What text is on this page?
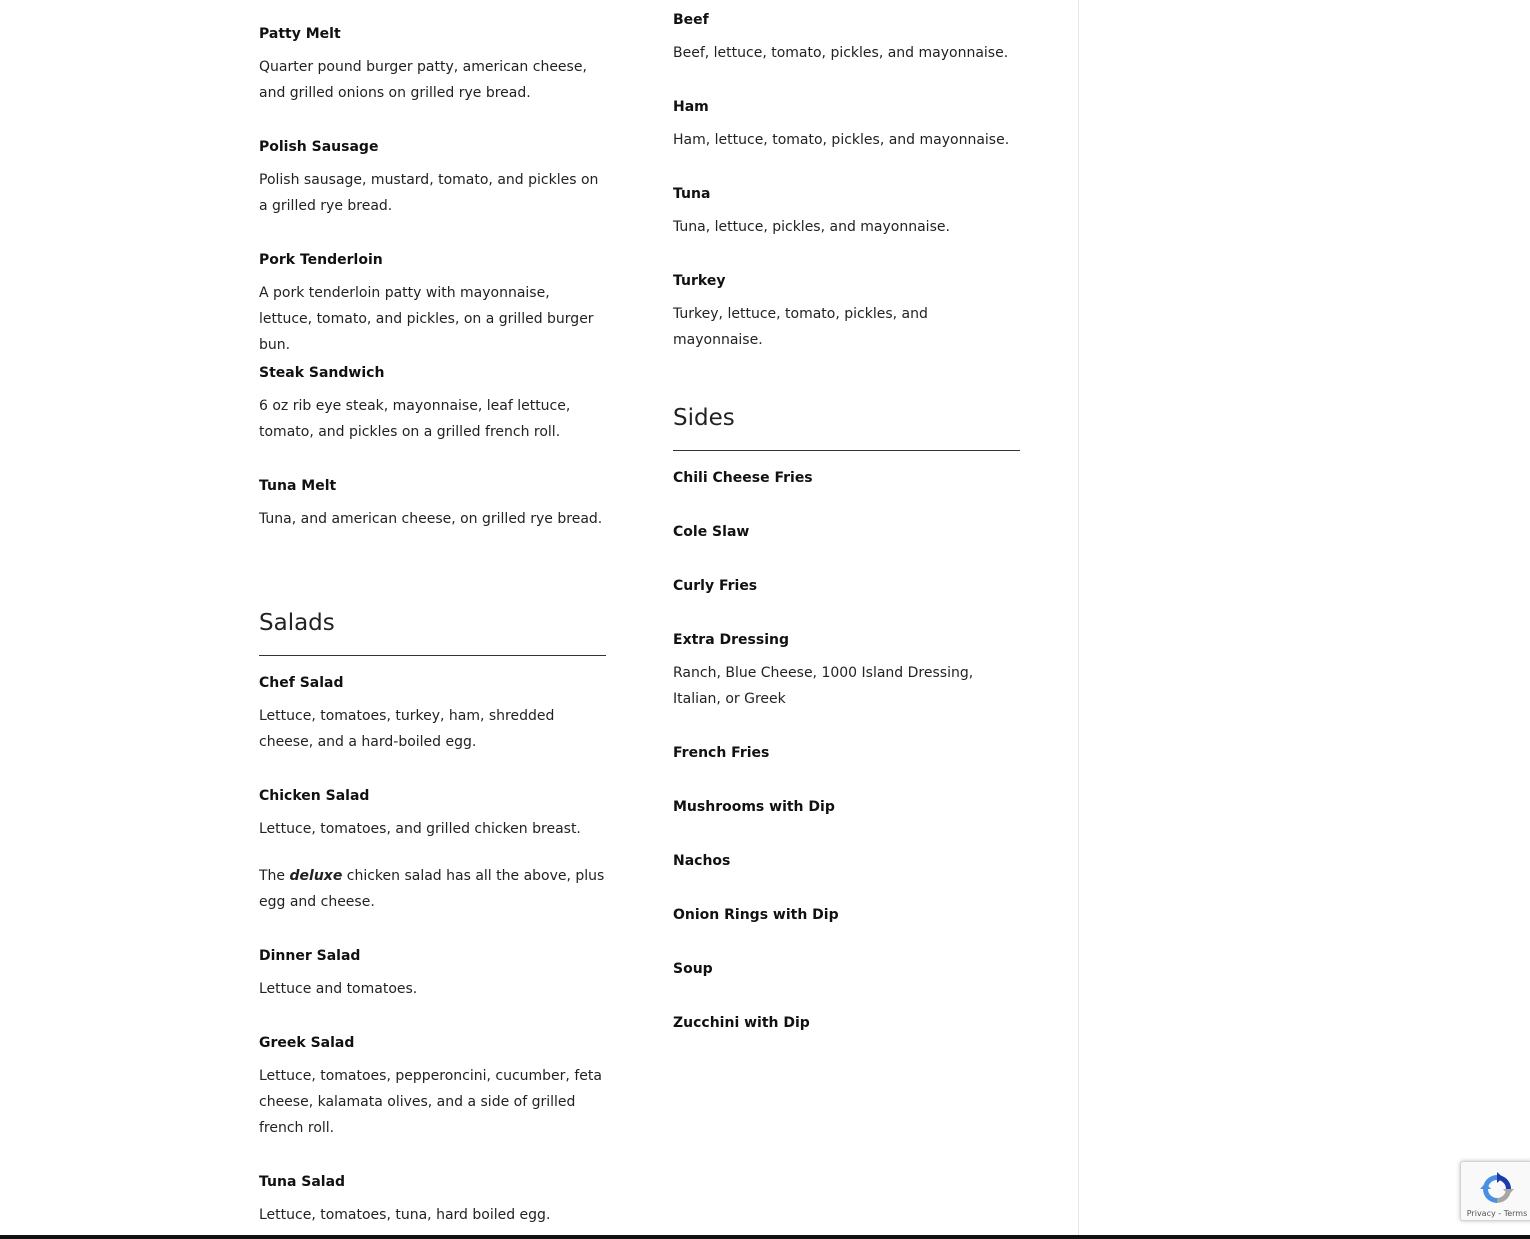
Patty Melt
Quarter pound burger patty, american cheese, and grilled onions on grilled rye bread.
Polish Sausage
Polish sausage, mustard, tomato, and pickles on a grilled rye bread.
Pork Tenderloin
A pork tenderloin patty with mayonnaise, lettuce, tomato, and pickles, on a grilled burger bun.
Steak Sandwich
6 oz rib eye steak, mayonnaise, leaf lettuce, tomato, and pickles on a grilled french roll.
Tuna Melt
Tuna, and american cheese, on grilled rye bread.
Salads
Chef Salad
Lettuce, tomatoes, turkey, ham, shredded cheese, and a hard-boiled egg.
Chicken Salad
Lettuce, tomatoes, and grilled chicken breast.
The deluxe chicken salad has all the above, plus egg and cheese.
Dinner Salad
Lettuce and tomatoes.
Greek Salad
Lettuce, tomatoes, pepperoncini, cucumber, feta cheese, kalamata olives, and a side of grilled french roll.
Tuna Salad
Lettuce, tomatoes, tuna, hard boiled egg.
Beef
Beef, lettuce, tomato, pickles, and mayonnaise.
Ham
Ham, lettuce, tomato, pickles, and mayonnaise.
Tuna
Tuna, lettuce, pickles, and mayonnaise.
Turkey
Turkey, lettuce, tomato, pickles, and mayonnaise.
Sides
Chili Cheese Fries
Cole Slaw
Curly Fries
Extra Dressing
Ranch, Blue Cheese, 1000 Island Dressing, Italian, or Greek
French Fries
Mushrooms with Dip
Nachos
Onion Rings with Dip
Soup
Zucchini with Dip
Privacy - Terms
